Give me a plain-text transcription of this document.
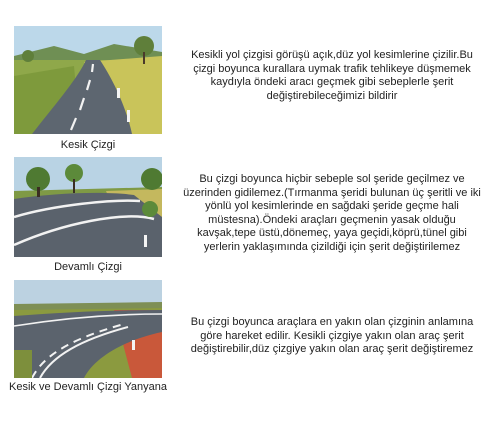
Kesik Çizgi
Kesikli yol çizgisi görüşü açık,düz yol kesimlerine çizilir.Bu çizgi boyunca kurallara uymak trafik tehlikeye düşmemek kaydıyla öndeki aracı geçmek gibi sebeplerle şerit değiştirebileceğimizi bildirir
Devamlı Çizgi
Bu çizgi boyunca hiçbir sebeple sol şeride geçilmez ve üzerinden gidilemez.(Tırmanma şeridi bulunan üç şeritli ve iki yönlü yol kesimlerinde en sağdaki şeride geçme hali müstesna).Öndeki araçları geçmenin yasak olduğu kavşak,tepe üstü,dönemeç, yaya geçidi,köprü,tünel gibi yerlerin yaklaşımında çizildiği için şerit değiştirilemez
Kesik ve Devamlı Çizgi Yanyana
Bu çizgi boyunca araçlara en yakın olan çizginin anlamına göre hareket edilir. Kesikli çizgiye yakın olan araç şerit değiştirebilir,düz çizgiye yakın olan araç şerit değiştiremez
